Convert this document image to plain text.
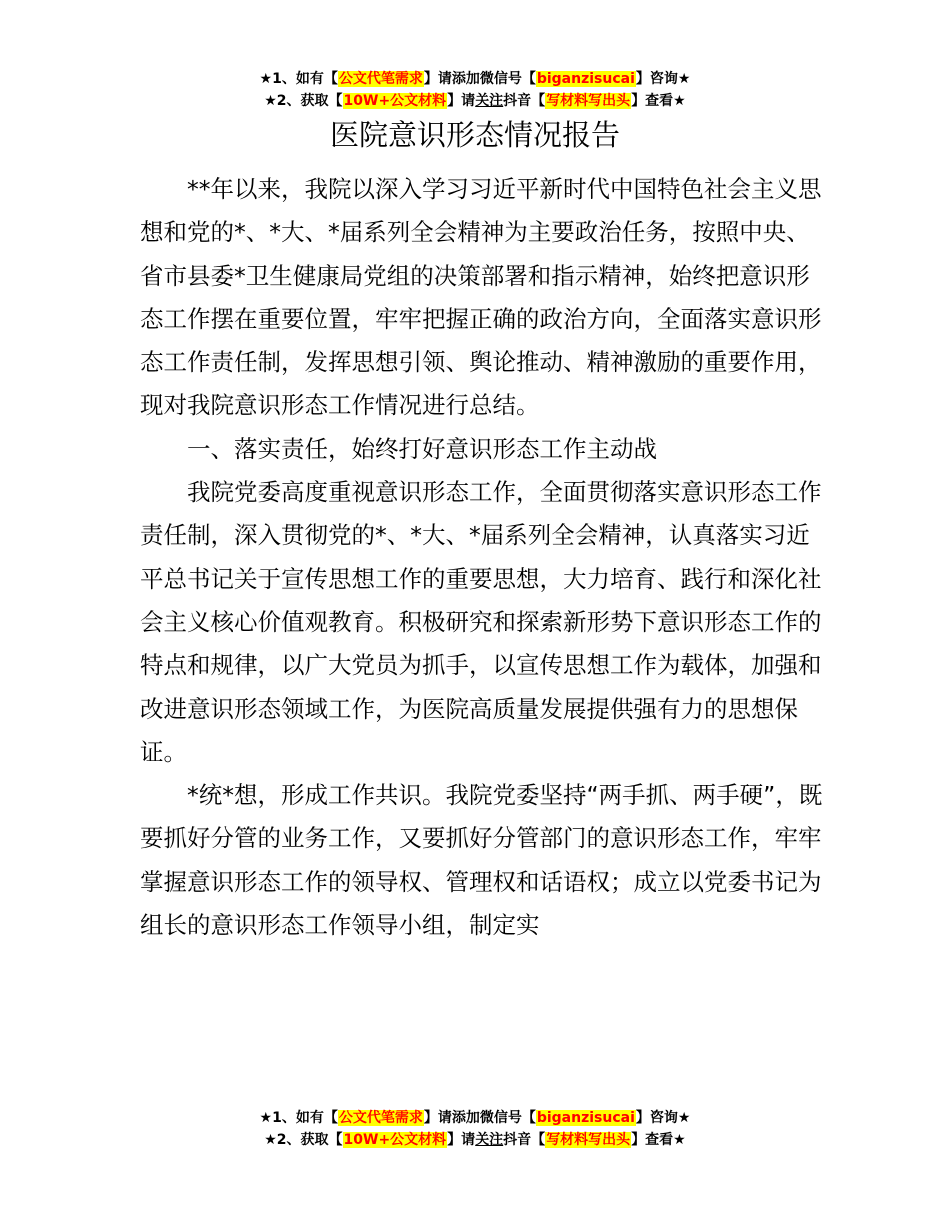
★1、如有【公文代笔需求】请添加微信号【biganzisucai】咨询★
★2、获取【10W+公文材料】请关注抖音【写材料写出头】查看★
医院意识形态情况报告

**年以来，我院以深入学习习近平新时代中国特色社会主义思想和党的*、*大、*届系列全会精神为主要政治任务，按照中央、省市县委*卫生健康局党组的决策部署和指示精神，始终把意识形态工作摆在重要位置，牢牢把握正确的政治方向，全面落实意识形态工作责任制，发挥思想引领、舆论推动、精神激励的重要作用，现对我院意识形态工作情况进行总结。

一、落实责任，始终打好意识形态工作主动战

我院党委高度重视意识形态工作，全面贯彻落实意识形态工作责任制，深入贯彻党的*、*大、*届系列全会精神，认真落实习近平总书记关于宣传思想工作的重要思想，大力培育、践行和深化社会主义核心价值观教育。积极研究和探索新形势下意识形态工作的特点和规律，以广大党员为抓手，以宣传思想工作为载体，加强和改进意识形态领域工作，为医院高质量发展提供强有力的思想保证。

*统*想，形成工作共识。我院党委坚持“两手抓、两手硬”，既要抓好分管的业务工作，又要抓好分管部门的意识形态工作，牢牢掌握意识形态工作的领导权、管理权和话语权；成立以党委书记为组长的意识形态工作领导小组，制定实

★1、如有【公文代笔需求】请添加微信号【biganzisucai】咨询★
★2、获取【10W+公文材料】请关注抖音【写材料写出头】查看★
